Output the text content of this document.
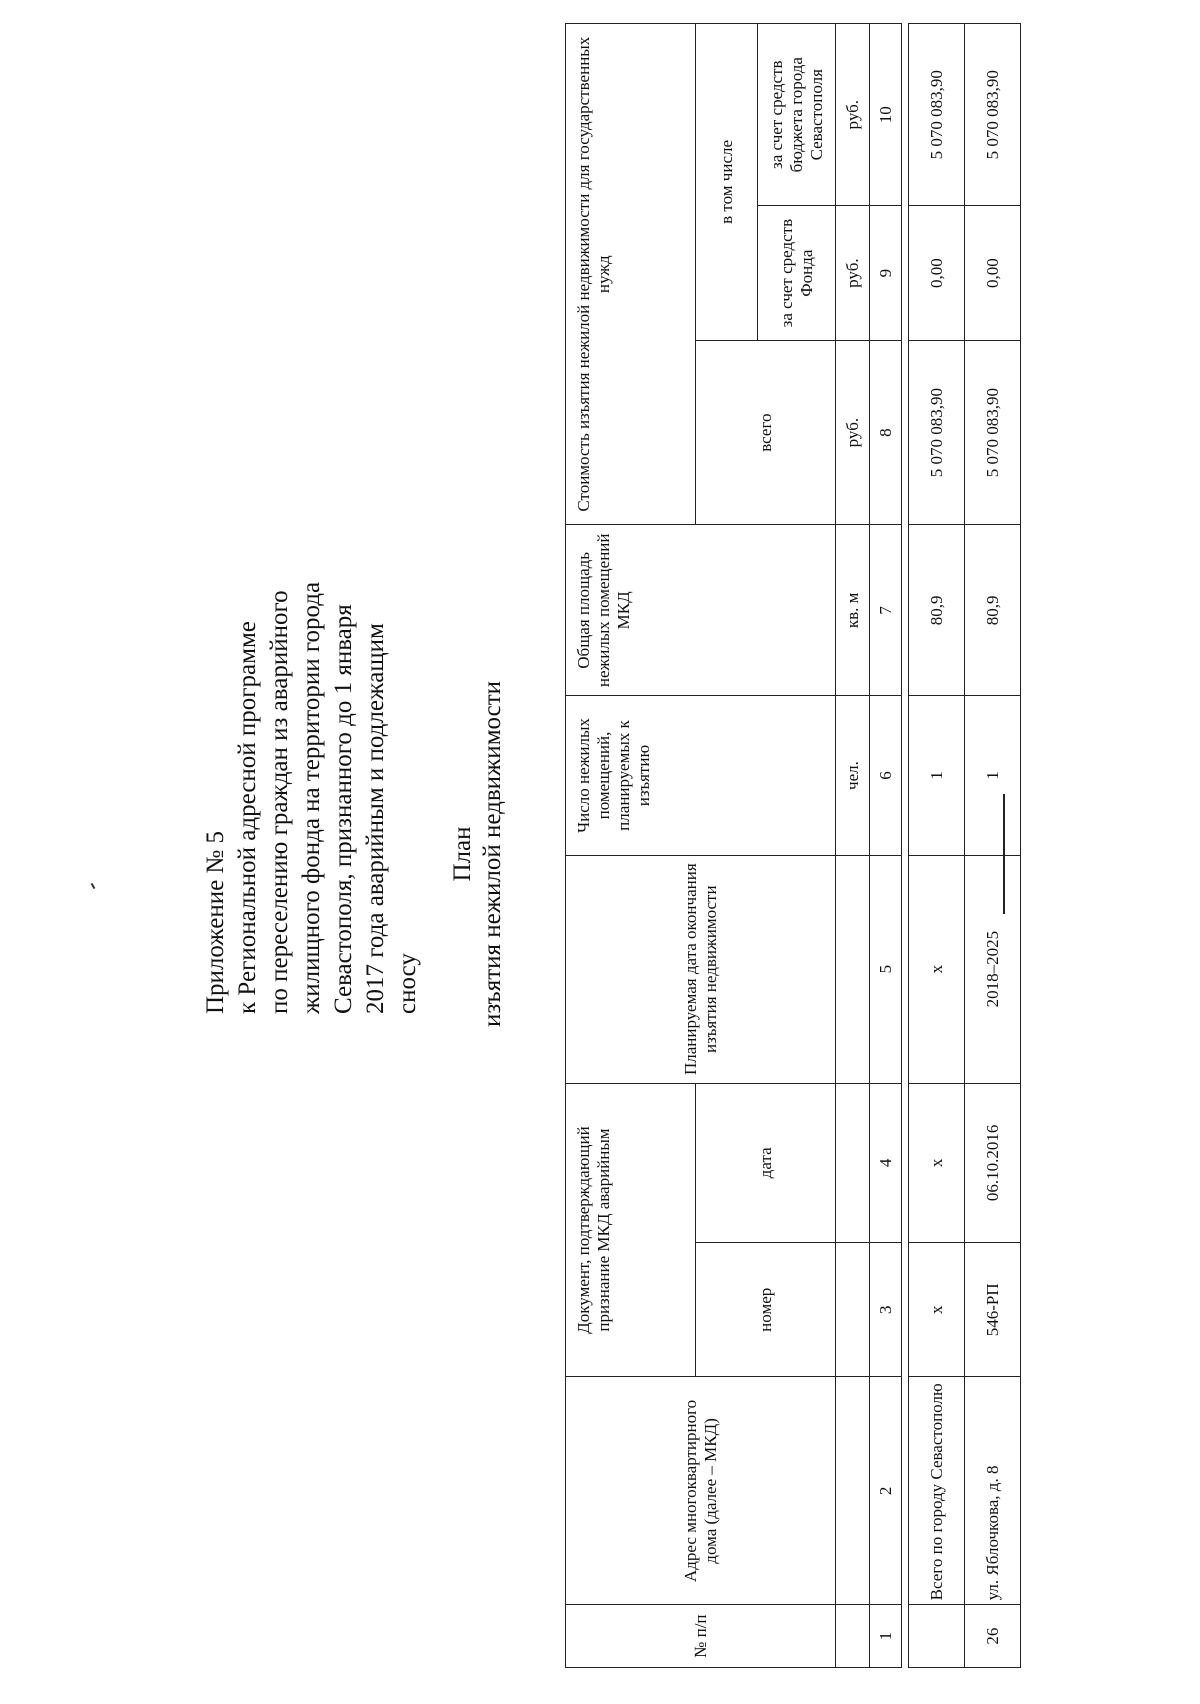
Приложение № 5 к Региональной адресной программе по переселению граждан из аварийного жилищного фонда на территории города Севастополя, признанного до 1 января 2017 года аварийным и подлежащим сносу
План изъятия нежилой недвижимости
№ п/п	Адрес многоквартирного дома (далее – МКД)	Документ, подтверждающий признание МКД аварийным		Планируемая дата окончания изъятия недвижимости	Число нежилых помещений, планируемых к изъятию	Общая площадь нежилых помещений МКД	Стоимость изъятия нежилой недвижимости для государственных нужд		
		номер	дата				всего	в том числе	
								за счет средств Фонда	за счет средств бюджета города Севастополя
					чел.	кв. м	руб.	руб.	руб.
1	2	3	4	5	6	7	8	9	10

	Всего по городу Севастополю	x	x	x	1	80,9	5 070 083,90	0,00	5 070 083,90
26	ул. Яблочкова, д. 8	546-РП	06.10.2016	2018–2025	1	80,9	5 070 083,90	0,00	5 070 083,90
